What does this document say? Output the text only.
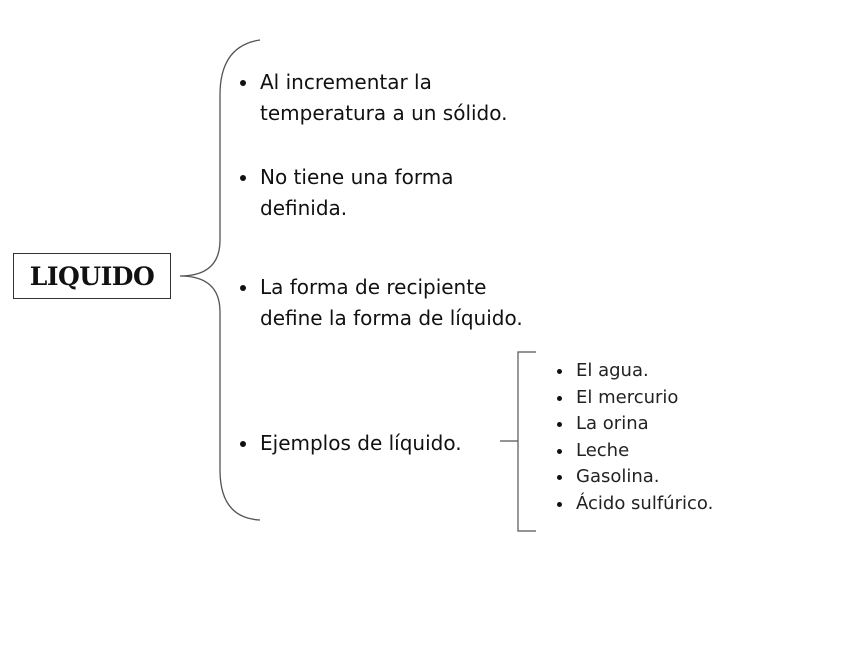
LIQUIDO
Al incrementar la
temperatura a un sólido.
No tiene una forma
definida.
La forma de recipiente
define la forma de líquido.
Ejemplos de líquido.
El agua.
El mercurio
La orina
Leche
Gasolina.
Ácido sulfúrico.
